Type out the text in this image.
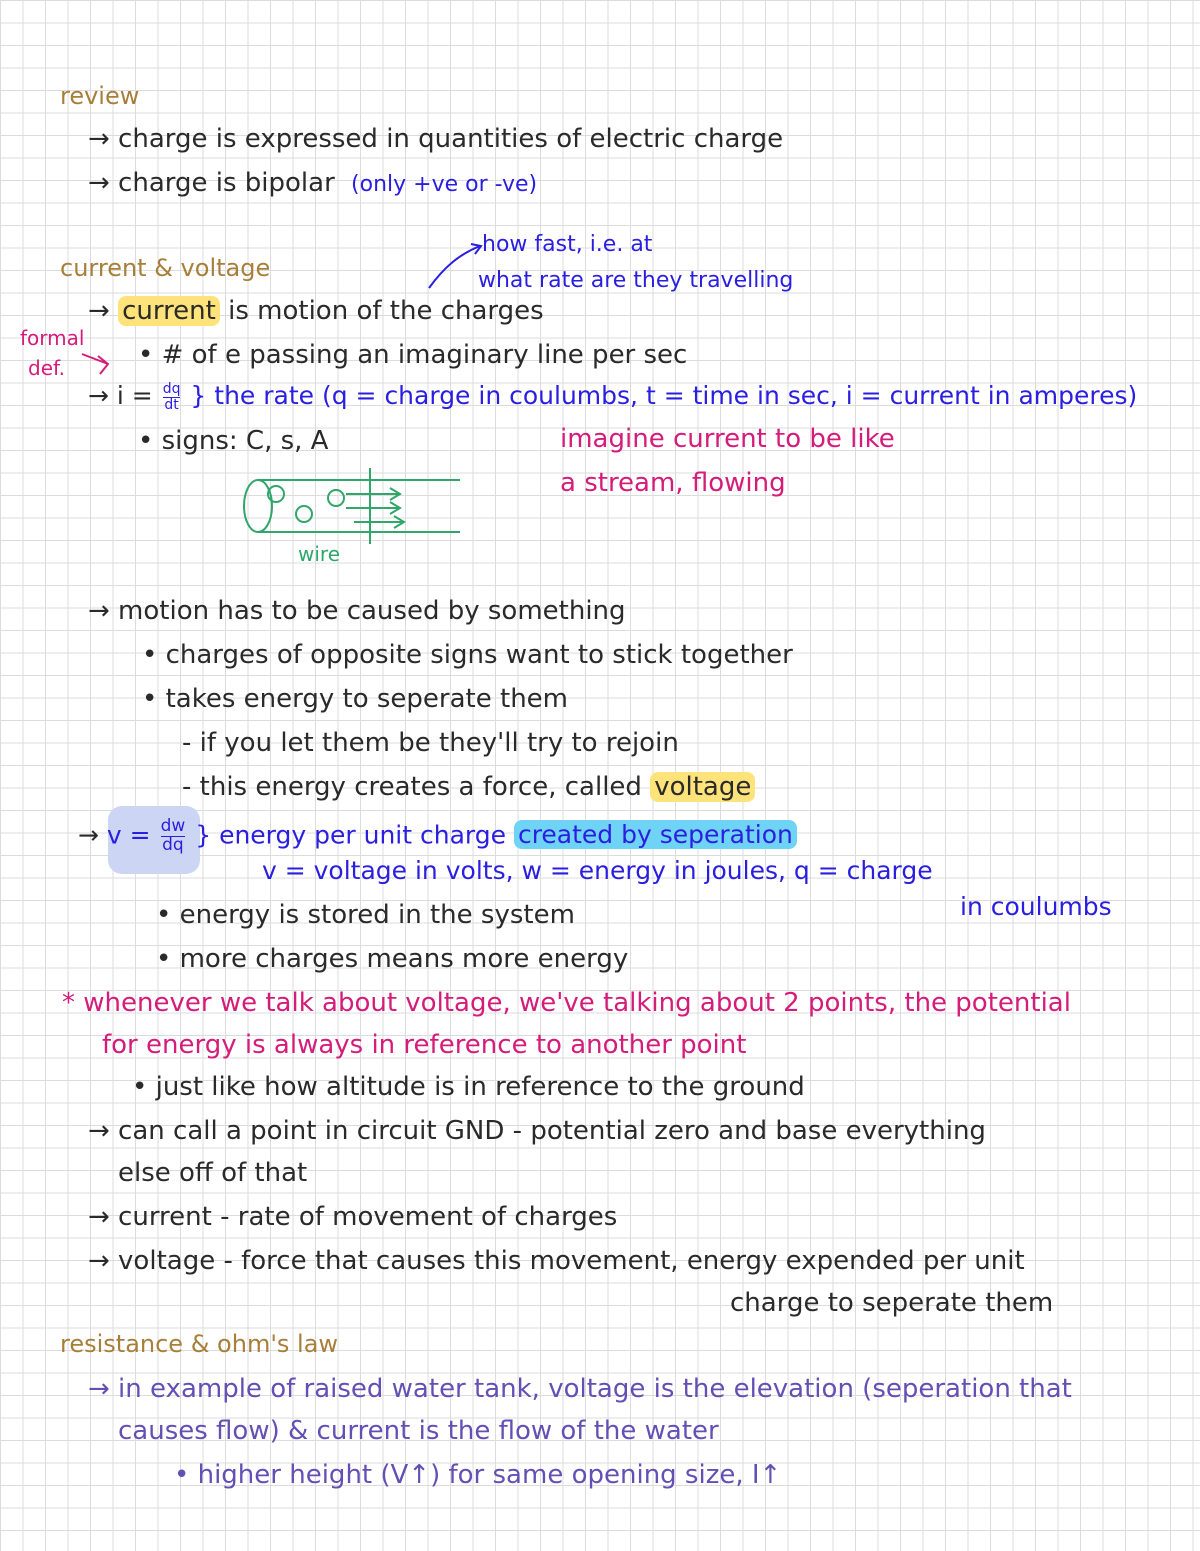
review
→ charge is expressed in quantities of electric charge
→ charge is bipolar (only +ve or -ve)
current & voltage
how fast, i.e. at
what rate are they travelling
→ current is motion of the charges
formal
def.	• # of e passing an imaginary line per sec
→ $i = \frac{dq}{dt}$ } the rate (q = charge in coulumbs, t = time in sec, i = current in amperes)
• signs: C, s, A	imagine current to be like
a stream, flowing
wire
→ motion has to be caused by something
• charges of opposite signs want to stick together
• takes energy to seperate them
- if you let them be they'll try to rejoin
- this energy creates a force, called voltage
→ $v = \frac{dw}{dq}$ } energy per unit charge created by seperation
v = voltage in volts, w = energy in joules, q = charge
in coulumbs
• energy is stored in the system
• more charges means more energy
* whenever we talk about voltage, we've talking about 2 points, the potential
for energy is always in reference to another point
• just like how altitude is in reference to the ground
→ can call a point in circuit GND - potential zero and base everything
else off of that
→ current - rate of movement of charges
→ voltage - force that causes this movement, energy expended per unit
charge to seperate them
resistance & ohm's law
→ in example of raised water tank, voltage is the elevation (seperation that
causes flow) & current is the flow of the water
• higher height (V↑) for same opening size, I↑
